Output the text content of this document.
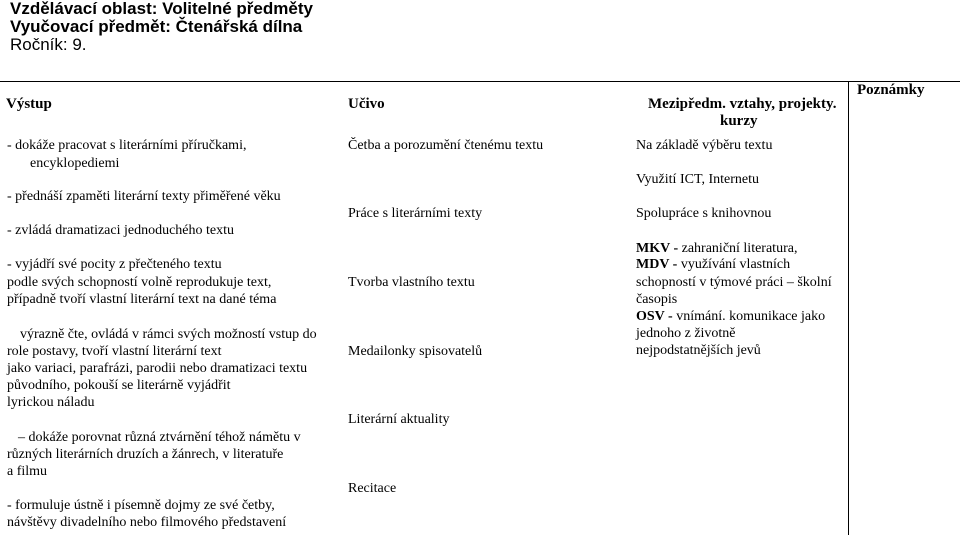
Vzdělávací oblast: Volitelné předměty
Vyučovací předmět: Čtenářská dílna
Ročník: 9.
Výstup	Učivo	Mezipředm. vztahy, projekty.
kurzy
Poznámky
- dokáže pracovat s literárními příručkami,
encyklopediemi
- přednáší zpaměti literární texty přiměřené věku
- zvládá dramatizaci jednoduchého textu
- vyjádří své pocity z přečteného textu
podle svých schopností volně reprodukuje text,
případně tvoří vlastní literární text na dané téma
výrazně čte, ovládá v rámci svých možností vstup do
role postavy, tvoří vlastní literární text
jako variaci, parafrázi, parodii nebo dramatizaci textu
původního, pokouší se literárně vyjádřit
lyrickou náladu
– dokáže porovnat různá ztvárnění téhož námětu v
různých literárních druzích a žánrech, v literatuře
a filmu
- formuluje ústně i písemně dojmy ze své četby,
návštěvy divadelního nebo filmového představení
Četba a porozumění čtenému textu
Práce s literárními texty
Tvorba vlastního textu
Medailonky spisovatelů
Literární aktuality
Recitace
Na základě výběru textu
Využití ICT, Internetu
Spolupráce s knihovnou
MKV - zahraniční literatura,
MDV - využívání vlastních
schopností v týmové práci – školní
časopis
OSV - vnímání. komunikace jako
jednoho z životně
nejpodstatnějších jevů
